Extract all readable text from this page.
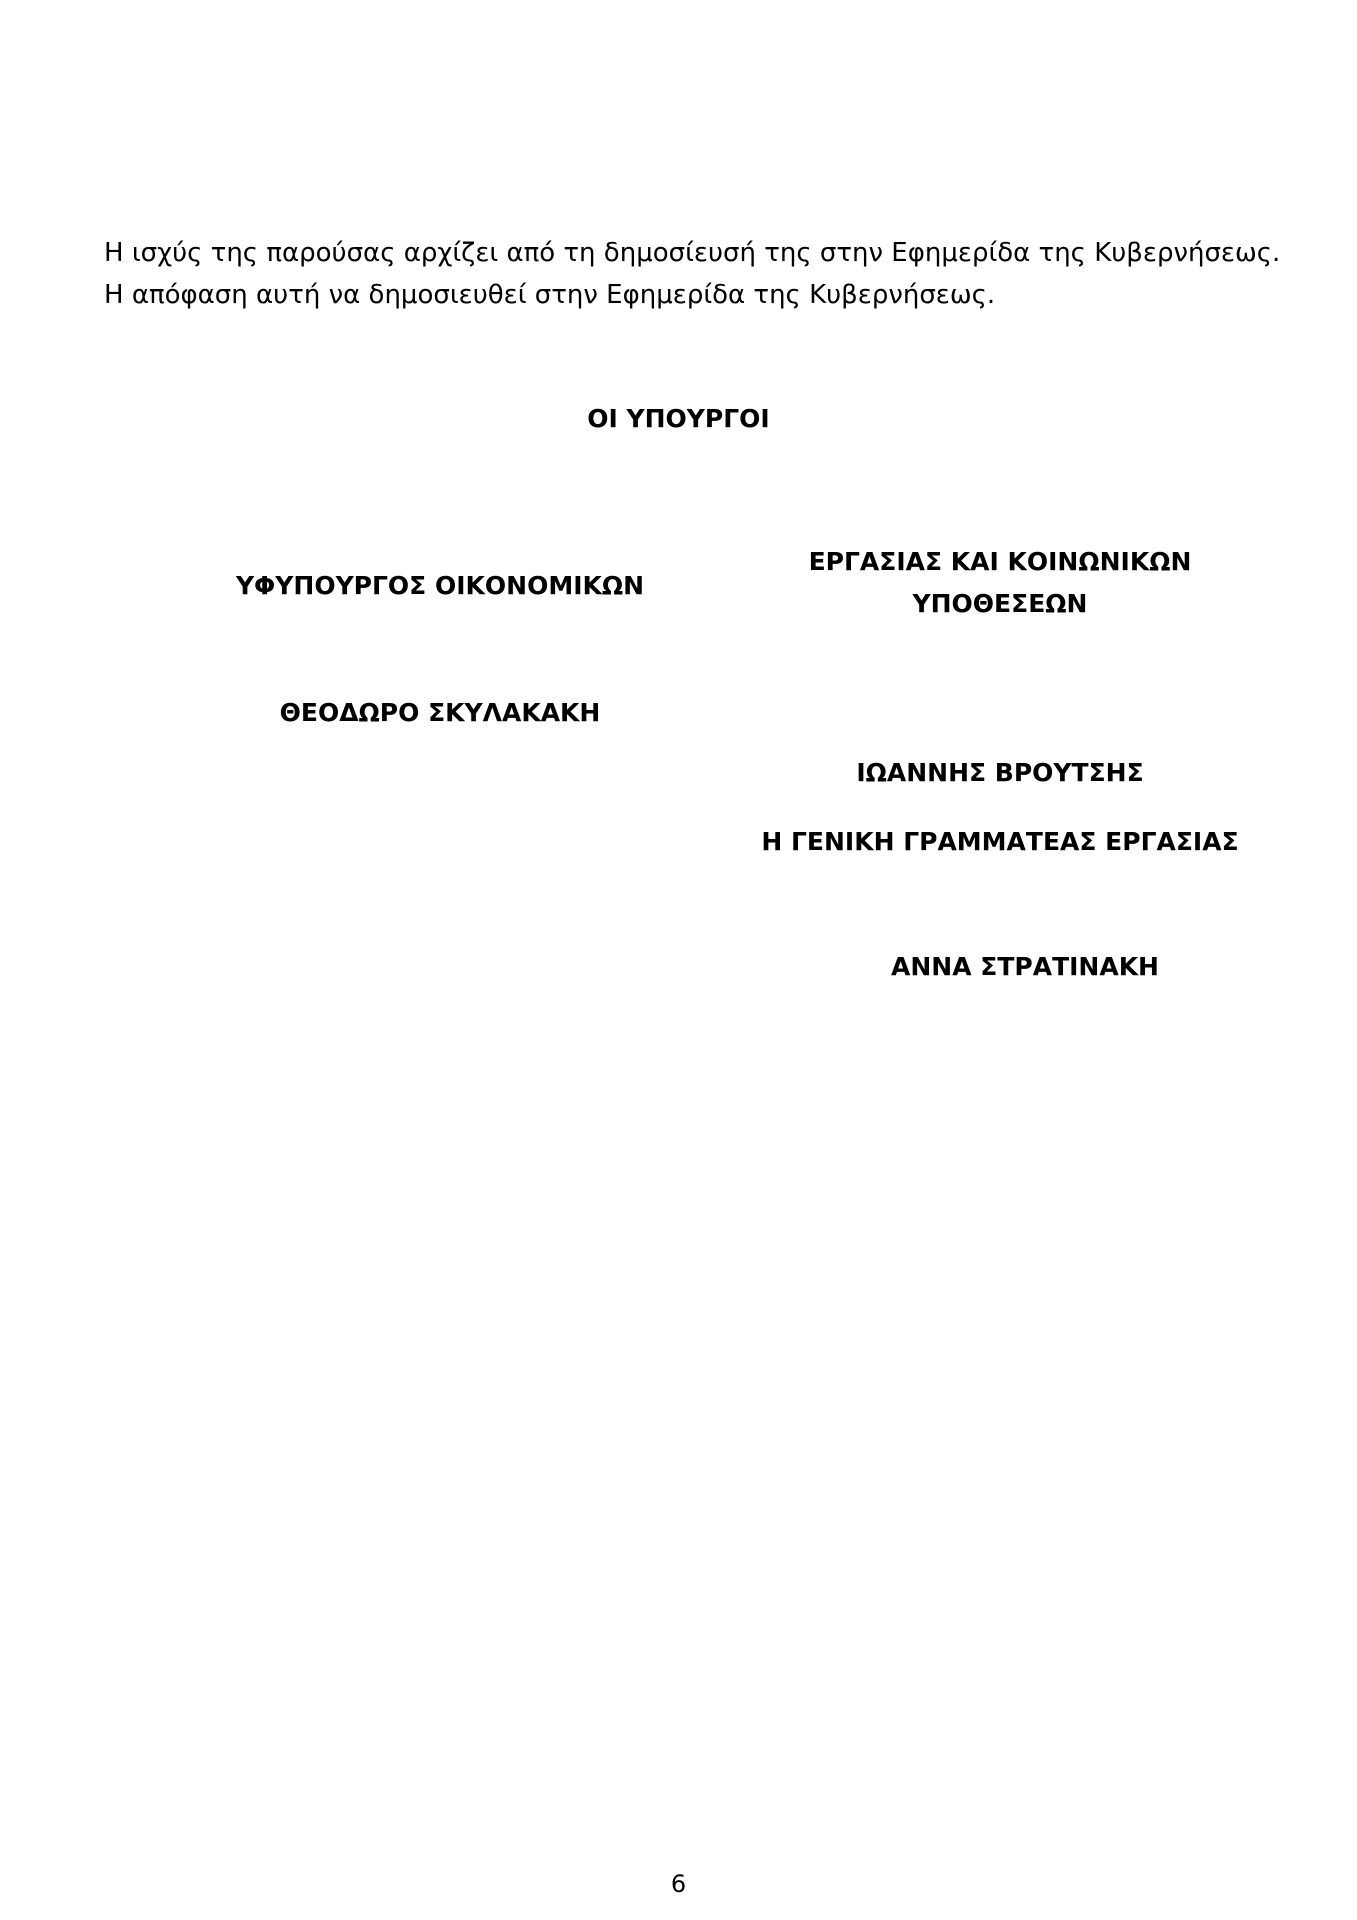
Η ισχύς της παρούσας αρχίζει από τη δημοσίευσή της στην Εφημερίδα της Κυβερνήσεως.

Η απόφαση αυτή να δημοσιευθεί στην Εφημερίδα της Κυβερνήσεως.

ΟΙ ΥΠΟΥΡΓΟΙ
ΥΦΥΠΟΥΡΓΟΣ ΟΙΚΟΝΟΜΙΚΩΝ
ΕΡΓΑΣΙΑΣ ΚΑΙ ΚΟΙΝΩΝΙΚΩΝ
ΥΠΟΘΕΣΕΩΝ
ΘΕΟΔΩΡΟ ΣΚΥΛΑΚΑΚΗ
ΙΩΑΝΝΗΣ ΒΡΟΥΤΣΗΣ
Η ΓΕΝΙΚΗ ΓΡΑΜΜΑΤΕΑΣ ΕΡΓΑΣΙΑΣ
ΑΝΝΑ ΣΤΡΑΤΙΝΑΚΗ
6
